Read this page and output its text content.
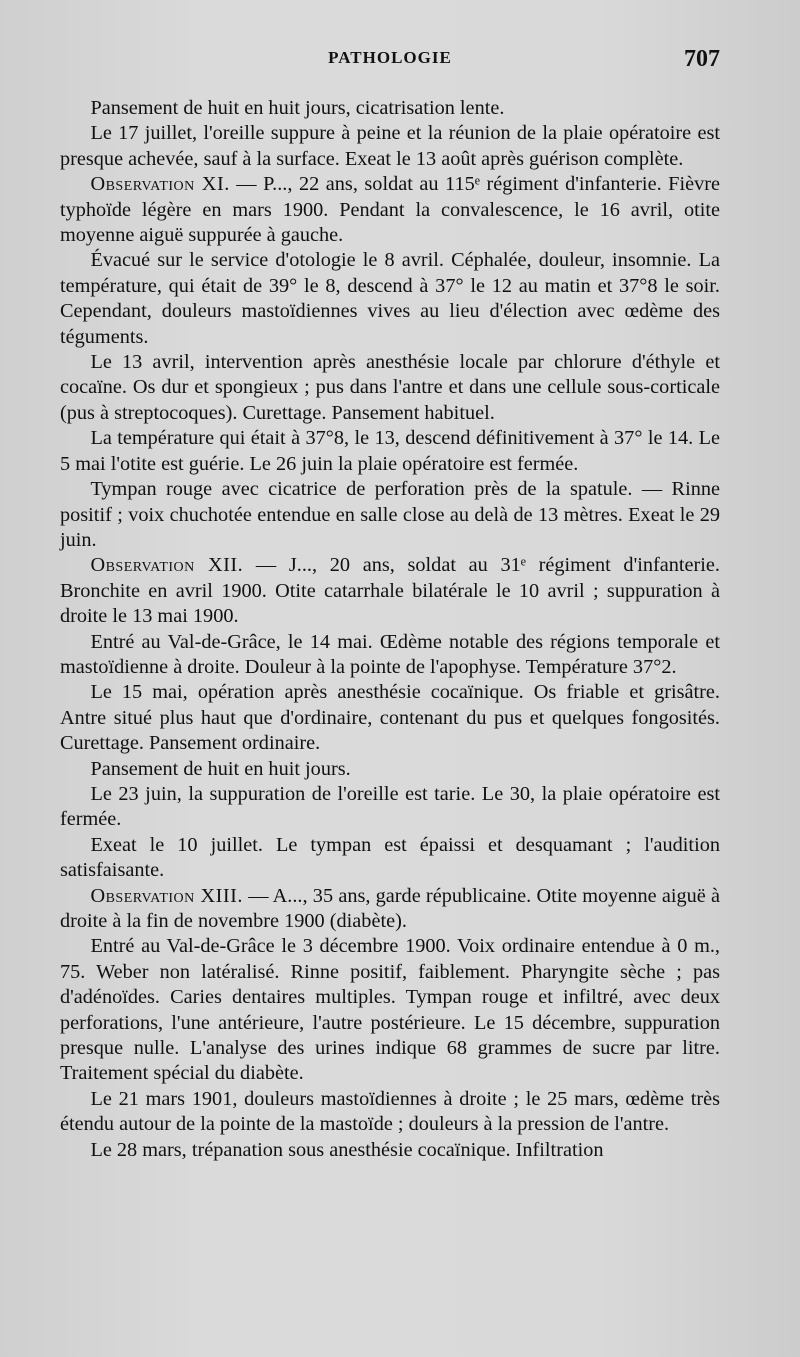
PATHOLOGIE	707

Pansement de huit en huit jours, cicatrisation lente.

Le 17 juillet, l'oreille suppure à peine et la réunion de la plaie opératoire est presque achevée, sauf à la surface. Exeat le 13 août après guérison complète.

Observation XI. — P..., 22 ans, soldat au 115ᵉ régiment d'infanterie. Fièvre typhoïde légère en mars 1900. Pendant la convalescence, le 16 avril, otite moyenne aiguë suppurée à gauche.

Évacué sur le service d'otologie le 8 avril. Céphalée, douleur, insomnie. La température, qui était de 39° le 8, descend à 37° le 12 au matin et 37°8 le soir. Cependant, douleurs mastoïdiennes vives au lieu d'élection avec œdème des téguments.

Le 13 avril, intervention après anesthésie locale par chlorure d'éthyle et cocaïne. Os dur et spongieux ; pus dans l'antre et dans une cellule sous-corticale (pus à streptocoques). Curettage. Pansement habituel.

La température qui était à 37°8, le 13, descend définitivement à 37° le 14. Le 5 mai l'otite est guérie. Le 26 juin la plaie opératoire est fermée.

Tympan rouge avec cicatrice de perforation près de la spatule. — Rinne positif ; voix chuchotée entendue en salle close au delà de 13 mètres. Exeat le 29 juin.

Observation XII. — J..., 20 ans, soldat au 31ᵉ régiment d'infanterie. Bronchite en avril 1900. Otite catarrhale bilatérale le 10 avril ; suppuration à droite le 13 mai 1900.

Entré au Val-de-Grâce, le 14 mai. Œdème notable des régions temporale et mastoïdienne à droite. Douleur à la pointe de l'apophyse. Température 37°2.

Le 15 mai, opération après anesthésie cocaïnique. Os friable et grisâtre. Antre situé plus haut que d'ordinaire, contenant du pus et quelques fongosités. Curettage. Pansement ordinaire.

Pansement de huit en huit jours.

Le 23 juin, la suppuration de l'oreille est tarie. Le 30, la plaie opératoire est fermée.

Exeat le 10 juillet. Le tympan est épaissi et desquamant ; l'audition satisfaisante.

Observation XIII. — A..., 35 ans, garde républicaine. Otite moyenne aiguë à droite à la fin de novembre 1900 (diabète).

Entré au Val-de-Grâce le 3 décembre 1900. Voix ordinaire entendue à 0 m., 75. Weber non latéralisé. Rinne positif, faiblement. Pharyngite sèche ; pas d'adénoïdes. Caries dentaires multiples. Tympan rouge et infiltré, avec deux perforations, l'une antérieure, l'autre postérieure. Le 15 décembre, suppuration presque nulle. L'analyse des urines indique 68 grammes de sucre par litre. Traitement spécial du diabète.

Le 21 mars 1901, douleurs mastoïdiennes à droite ; le 25 mars, œdème très étendu autour de la pointe de la mastoïde ; douleurs à la pression de l'antre.

Le 28 mars, trépanation sous anesthésie cocaïnique. Infiltration
